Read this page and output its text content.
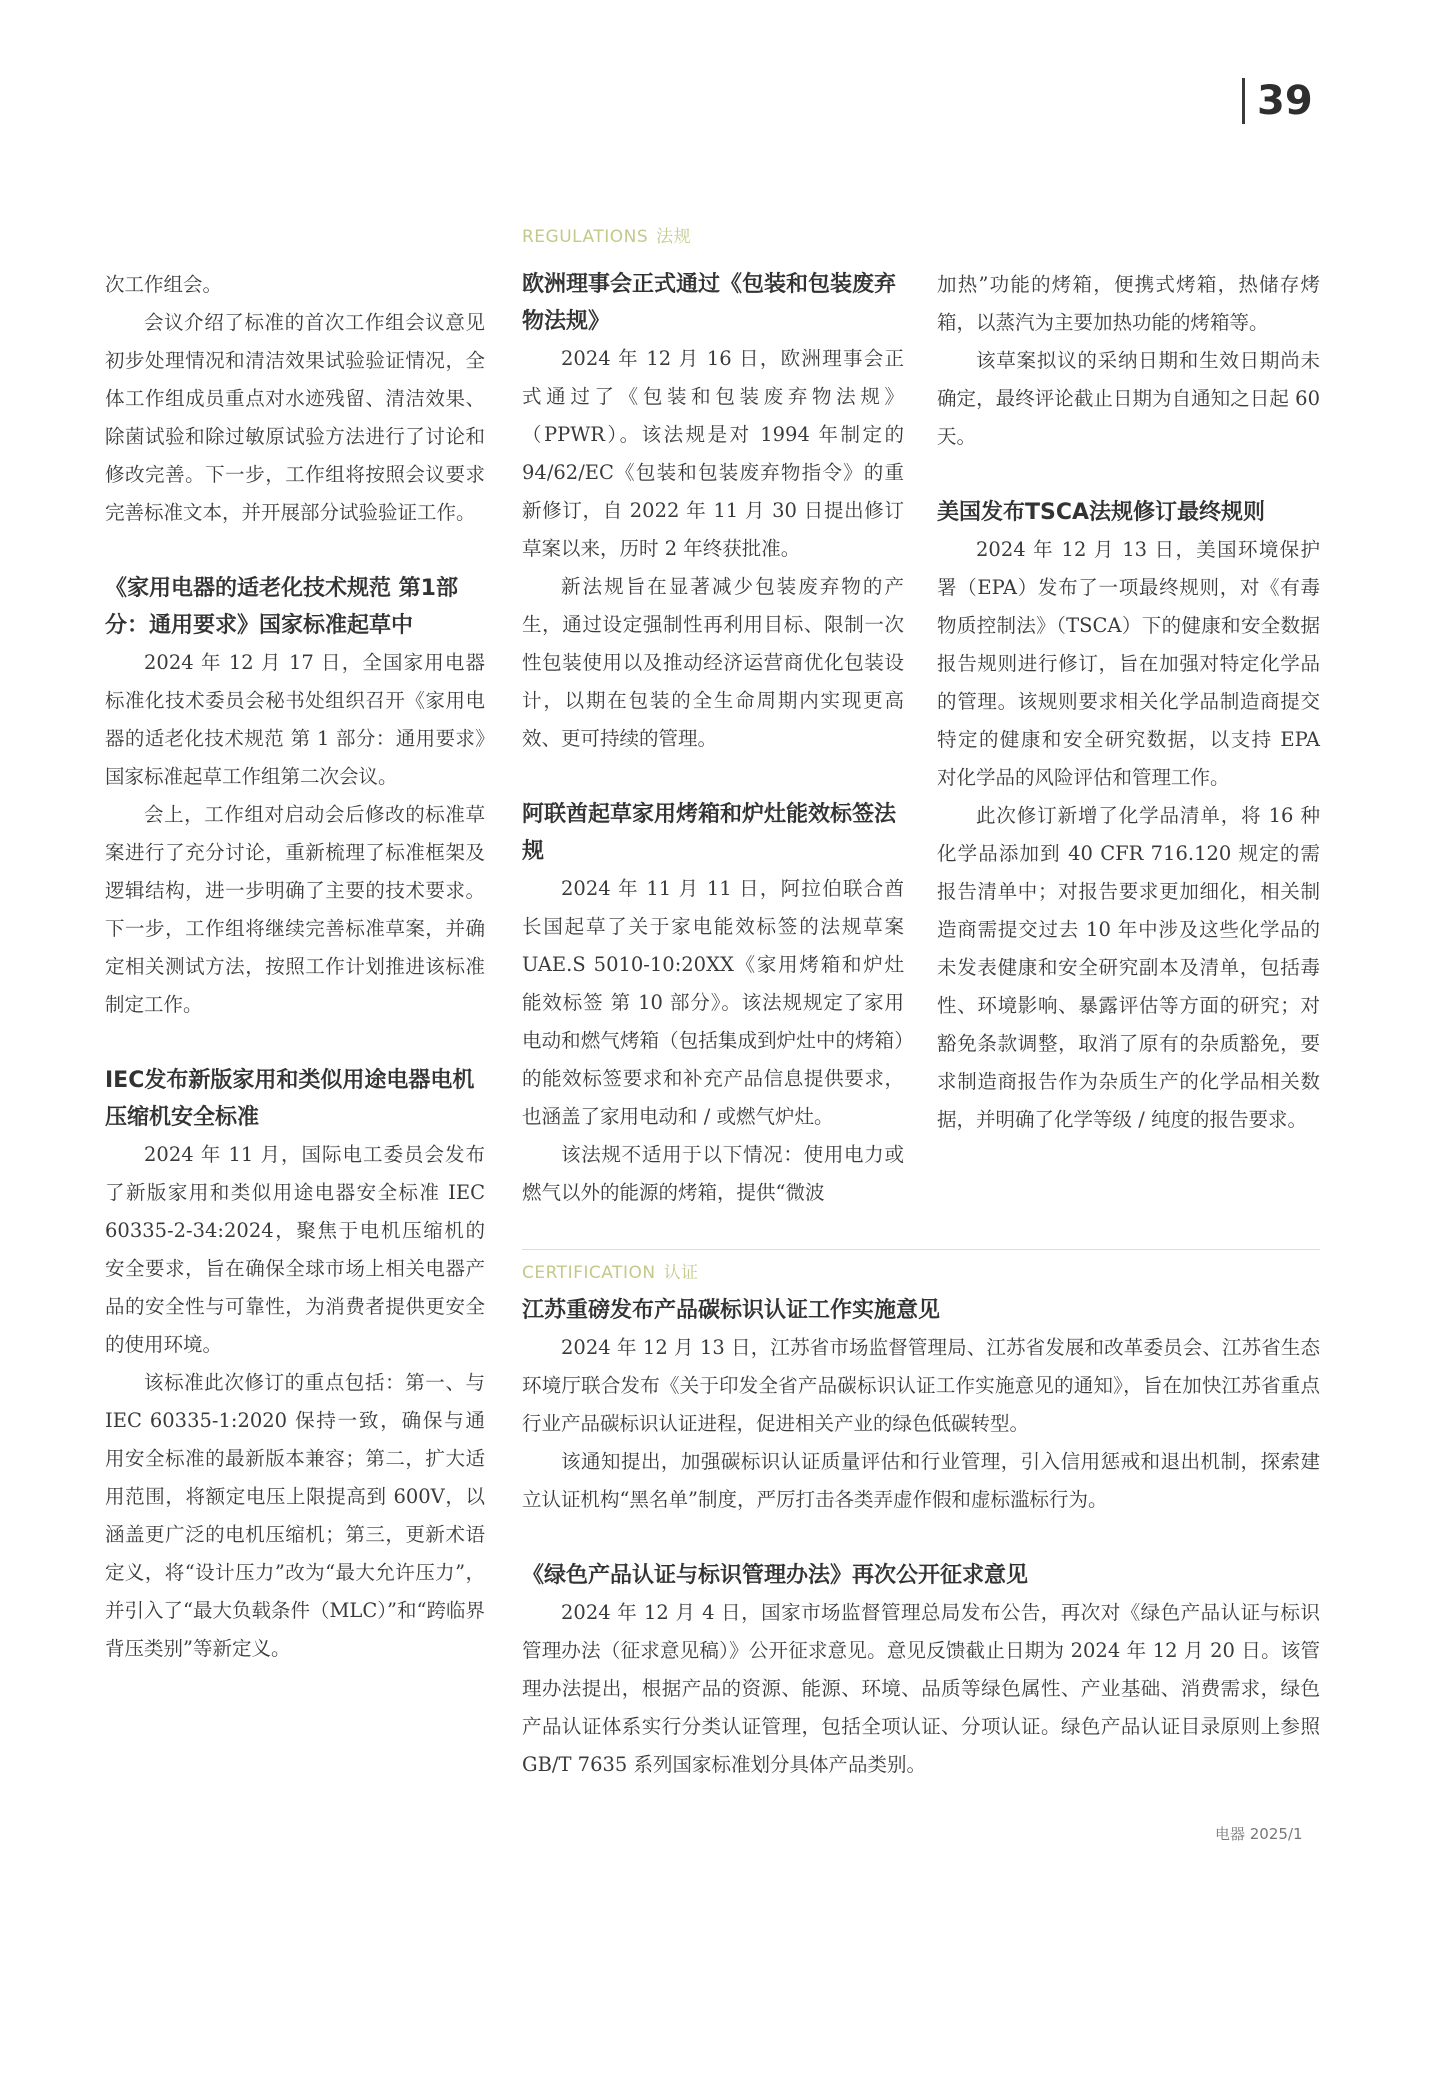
39
REGULATIONS 法规

次工作组会。

会议介绍了标准的首次工作组会议意见初步处理情况和清洁效果试验验证情况，全体工作组成员重点对水迹残留、清洁效果、除菌试验和除过敏原试验方法进行了讨论和修改完善。下一步，工作组将按照会议要求完善标准文本，并开展部分试验验证工作。

《家用电器的适老化技术规范 第1部分：通用要求》国家标准起草中

2024 年 12 月 17 日，全国家用电器标准化技术委员会秘书处组织召开《家用电器的适老化技术规范 第 1 部分：通用要求》国家标准起草工作组第二次会议。

会上，工作组对启动会后修改的标准草案进行了充分讨论，重新梳理了标准框架及逻辑结构，进一步明确了主要的技术要求。下一步，工作组将继续完善标准草案，并确定相关测试方法，按照工作计划推进该标准制定工作。

IEC发布新版家用和类似用途电器电机压缩机安全标准

2024 年 11 月，国际电工委员会发布了新版家用和类似用途电器安全标准 IEC 60335-2-34:2024，聚焦于电机压缩机的安全要求，旨在确保全球市场上相关电器产品的安全性与可靠性，为消费者提供更安全的使用环境。

该标准此次修订的重点包括：第一、与 IEC 60335-1:2020 保持一致，确保与通用安全标准的最新版本兼容；第二，扩大适用范围，将额定电压上限提高到 600V，以涵盖更广泛的电机压缩机；第三，更新术语定义，将“设计压力”改为“最大允许压力”，并引入了“最大负载条件（MLC）”和“跨临界背压类别”等新定义。

欧洲理事会正式通过《包装和包装废弃物法规》

2024 年 12 月 16 日，欧洲理事会正式通过了《包装和包装废弃物法规》（PPWR）。该法规是对 1994 年制定的 94/62/EC《包装和包装废弃物指令》的重新修订，自 2022 年 11 月 30 日提出修订草案以来，历时 2 年终获批准。

新法规旨在显著减少包装废弃物的产生，通过设定强制性再利用目标、限制一次性包装使用以及推动经济运营商优化包装设计，以期在包装的全生命周期内实现更高效、更可持续的管理。

阿联酋起草家用烤箱和炉灶能效标签法规

2024 年 11 月 11 日，阿拉伯联合酋长国起草了关于家电能效标签的法规草案 UAE.S 5010-10:20XX《家用烤箱和炉灶能效标签 第 10 部分》。该法规规定了家用电动和燃气烤箱（包括集成到炉灶中的烤箱）的能效标签要求和补充产品信息提供要求，也涵盖了家用电动和 / 或燃气炉灶。

该法规不适用于以下情况：使用电力或燃气以外的能源的烤箱，提供“微波

加热”功能的烤箱，便携式烤箱，热储存烤箱，以蒸汽为主要加热功能的烤箱等。

该草案拟议的采纳日期和生效日期尚未确定，最终评论截止日期为自通知之日起 60 天。

美国发布TSCA法规修订最终规则

2024 年 12 月 13 日，美国环境保护署（EPA）发布了一项最终规则，对《有毒物质控制法》（TSCA）下的健康和安全数据报告规则进行修订，旨在加强对特定化学品的管理。该规则要求相关化学品制造商提交特定的健康和安全研究数据，以支持 EPA 对化学品的风险评估和管理工作。

此次修订新增了化学品清单，将 16 种化学品添加到 40 CFR 716.120 规定的需报告清单中；对报告要求更加细化，相关制造商需提交过去 10 年中涉及这些化学品的未发表健康和安全研究副本及清单，包括毒性、环境影响、暴露评估等方面的研究；对豁免条款调整，取消了原有的杂质豁免，要求制造商报告作为杂质生产的化学品相关数据，并明确了化学等级 / 纯度的报告要求。

CERTIFICATION 认证
江苏重磅发布产品碳标识认证工作实施意见

2024 年 12 月 13 日，江苏省市场监督管理局、江苏省发展和改革委员会、江苏省生态环境厅联合发布《关于印发全省产品碳标识认证工作实施意见的通知》，旨在加快江苏省重点行业产品碳标识认证进程，促进相关产业的绿色低碳转型。

该通知提出，加强碳标识认证质量评估和行业管理，引入信用惩戒和退出机制，探索建立认证机构“黑名单”制度，严厉打击各类弄虚作假和虚标滥标行为。

《绿色产品认证与标识管理办法》再次公开征求意见

2024 年 12 月 4 日，国家市场监督管理总局发布公告，再次对《绿色产品认证与标识管理办法（征求意见稿）》公开征求意见。意见反馈截止日期为 2024 年 12 月 20 日。该管理办法提出，根据产品的资源、能源、环境、品质等绿色属性、产业基础、消费需求，绿色产品认证体系实行分类认证管理，包括全项认证、分项认证。绿色产品认证目录原则上参照 GB/T 7635 系列国家标准划分具体产品类别。

电器 2025/1
